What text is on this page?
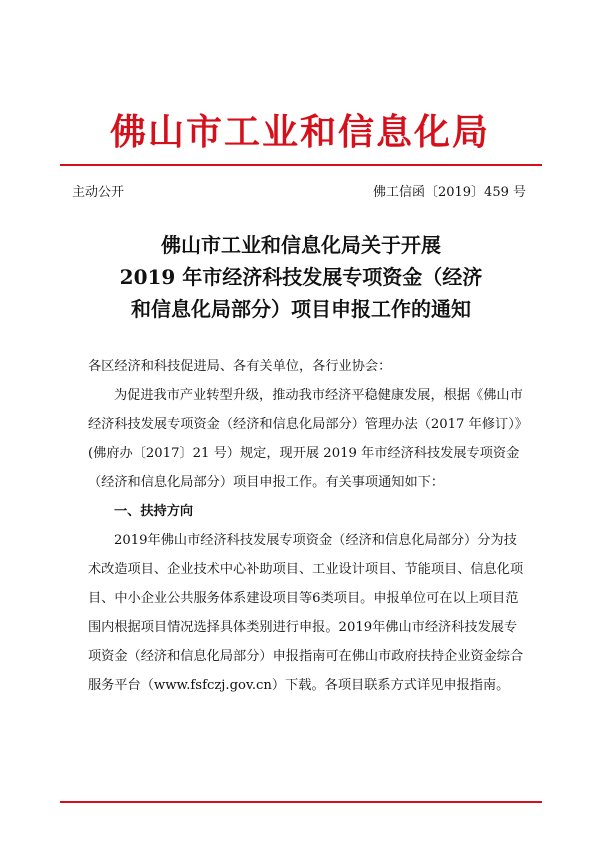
佛山市工业和信息化局
主动公开	佛工信函〔2019〕459 号
佛山市工业和信息化局关于开展
2019 年市经济科技发展专项资金（经济
和信息化局部分）项目申报工作的通知

各区经济和科技促进局、各有关单位，各行业协会：

为促进我市产业转型升级，推动我市经济平稳健康发展，根据《佛山市经济科技发展专项资金（经济和信息化局部分）管理办法（2017 年修订）》(佛府办〔2017〕21 号）规定，现开展 2019 年市经济科技发展专项资金（经济和信息化局部分）项目申报工作。有关事项通知如下：

一、扶持方向

2019年佛山市经济科技发展专项资金（经济和信息化局部分）分为技术改造项目、企业技术中心补助项目、工业设计项目、节能项目、信息化项目、中小企业公共服务体系建设项目等6类项目。申报单位可在以上项目范围内根据项目情况选择具体类别进行申报。2019年佛山市经济科技发展专项资金（经济和信息化局部分）申报指南可在佛山市政府扶持企业资金综合服务平台（www.fsfczj.gov.cn）下载。各项目联系方式详见申报指南。
